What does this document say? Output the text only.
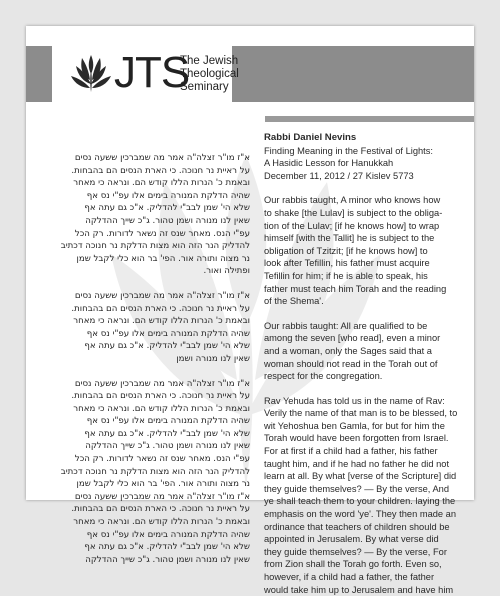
JTS
The Jewish
Theological
Seminary
א"ז מו"ר זצלה"ה אמר מה שמברכין ששעה נסים
על ראיית נר חנוכה. כי הארת הנסים הם בהבחות.
ובאמת כ' הנרות הללו קודש הם. ונראה כי מאחר
שהיה הדלקת המנורה בימים אלו עפ"י נס אף
שלא הי' שמן לבב"י להדליק. א"כ גם עתה אף
שאין לנו מנורה ושמן טהור. ג"כ שייך ההדלקה
עפ"י הנס. מאחר שנס זה נשאר לדורות. רק הכל
להדליק הנר הזה הוא מצות הדלקת נר חנוכה דכתיב
נר מצוה ותורה אור. הפי' בר הוא כלי לקבל שמן
ופתילה ואור.
א"ז מו"ר זצלה"ה אמר מה שמברכין ששעה נסים
על ראיית נר חנוכה. כי הארת הנסים הם בהבחות.
ובאמת כ' הנרות הללו קודש הם. ונראה כי מאחר
שהיה הדלקת המנורה בימים אלו עפ"י נס אף
שלא הי' שמן לבב"י להדליק. א"כ גם עתה אף
שאין לנו מנורה ושמן
א"ז מו"ר זצלה"ה אמר מה שמברכין ששעה נסים
על ראיית נר חנוכה. כי הארת הנסים הם בהבחות.
ובאמת כ' הנרות הללו קודש הם. ונראה כי מאחר
שהיה הדלקת המנורה בימים אלו עפ"י נס אף
שלא הי' שמן לבב"י להדליק. א"כ גם עתה אף
שאין לנו מנורה ושמן טהור. ג"כ שייך ההדלקה
עפ"י הנס. מאחר שנס זה נשאר לדורות. רק הכל
להדליק הנר הזה הוא מצות הדלקת נר חנוכה דכתיב
נר מצוה ותורה אור. הפי' בר הוא כלי לקבל שמן
א"ז מו"ר זצלה"ה אמר מה שמברכין ששעה נסים
על ראיית נר חנוכה. כי הארת הנסים הם בהבחות.
ובאמת כ' הנרות הללו קודש הם. ונראה כי מאחר
שהיה הדלקת המנורה בימים אלו עפ"י נס אף
שלא הי' שמן לבב"י להדליק. א"כ גם עתה אף
שאין לנו מנורה ושמן טהור. ג"כ שייך ההדלקה
Rabbi Daniel Nevins
Finding Meaning in the Festival of Lights:
A Hasidic Lesson for Hanukkah
December 11, 2012 / 27 Kislev 5773
Our rabbis taught, A minor who knows how
to shake [the Lulav] is subject to the obliga-
tion of the Lulav; [if he knows how] to wrap
himself [with the Tallit] he is subject to the
obligation of Tzitzit; [if he knows how] to
look after Tefillin, his father must acquire
Tefillin for him; if he is able to speak, his
father must teach him Torah and the reading
of the Shema'.
Our rabbis taught: All are qualified to be
among the seven [who read], even a minor
and a woman, only the Sages said that a
woman should not read in the Torah out of
respect for the congregation.
Rav Yehuda has told us in the name of Rav:
Verily the name of that man is to be blessed, to
wit Yehoshua ben Gamla, for but for him the
Torah would have been forgotten from Israel.
For at first if a child had a father, his father
taught him, and if he had no father he did not
learn at all. By what [verse of the Scripture] did
they guide themselves? — By the verse, And
ye shall teach them to your children. laying the
emphasis on the word 'ye'. They then made an
ordinance that teachers of children should be
appointed in Jerusalem. By what verse did
they guide themselves? — By the verse, For
from Zion shall the Torah go forth. Even so,
however, if a child had a father, the father
would take him up to Jerusalem and have him
